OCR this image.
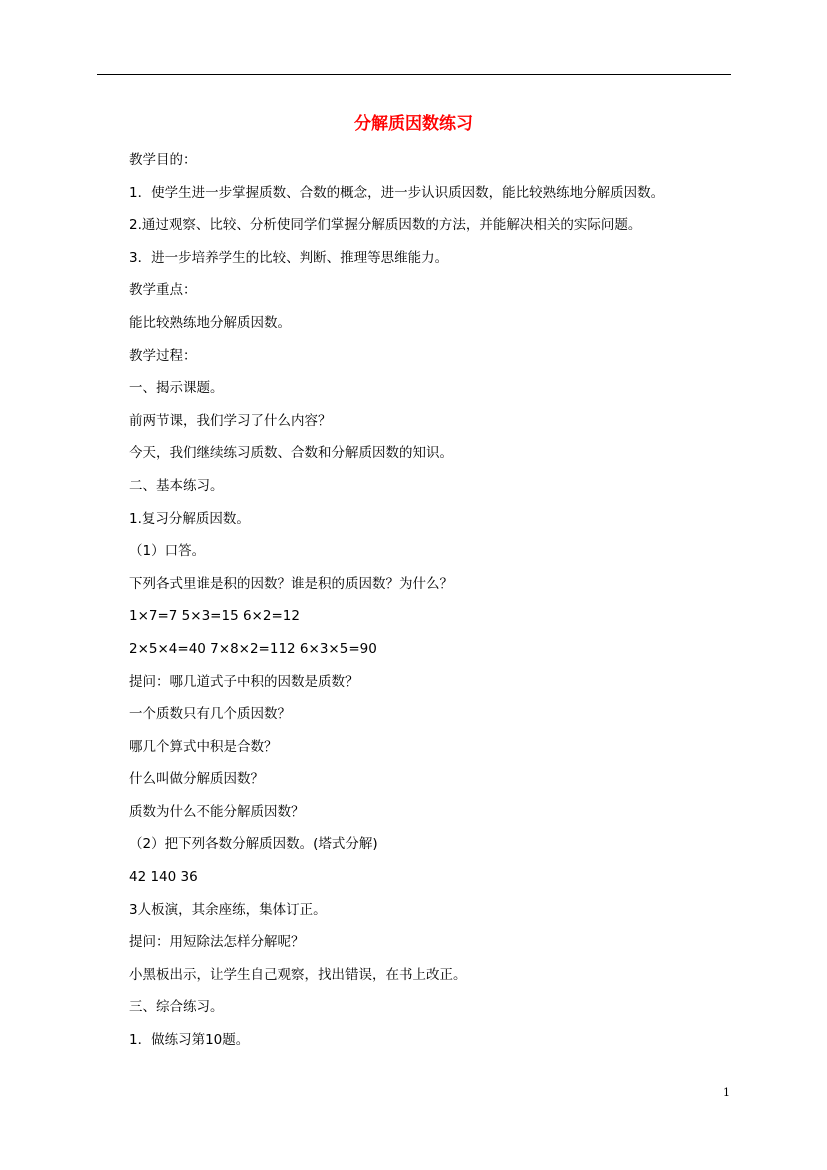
分解质因数练习
教学目的：
1．使学生进一步掌握质数、合数的概念，进一步认识质因数，能比较熟练地分解质因数。
2.通过观察、比较、分析使同学们掌握分解质因数的方法，并能解决相关的实际问题。
3．进一步培养学生的比较、判断、推理等思维能力。
教学重点：
能比较熟练地分解质因数。
教学过程：
一、揭示课题。
前两节课，我们学习了什么内容？
今天，我们继续练习质数、合数和分解质因数的知识。
二、基本练习。
1.复习分解质因数。
（1）口答。
下列各式里谁是积的因数？谁是积的质因数？为什么？
1×7=7 5×3=15 6×2=12
2×5×4=40 7×8×2=112 6×3×5=90
提问：哪几道式子中积的因数是质数？
一个质数只有几个质因数？
哪几个算式中积是合数？
什么叫做分解质因数？
质数为什么不能分解质因数？
（2）把下列各数分解质因数。(塔式分解)
42 140 36
3人板演，其余座练，集体订正。
提问：用短除法怎样分解呢？
小黑板出示，让学生自己观察，找出错误，在书上改正。
三、综合练习。
1．做练习第10题。
1
